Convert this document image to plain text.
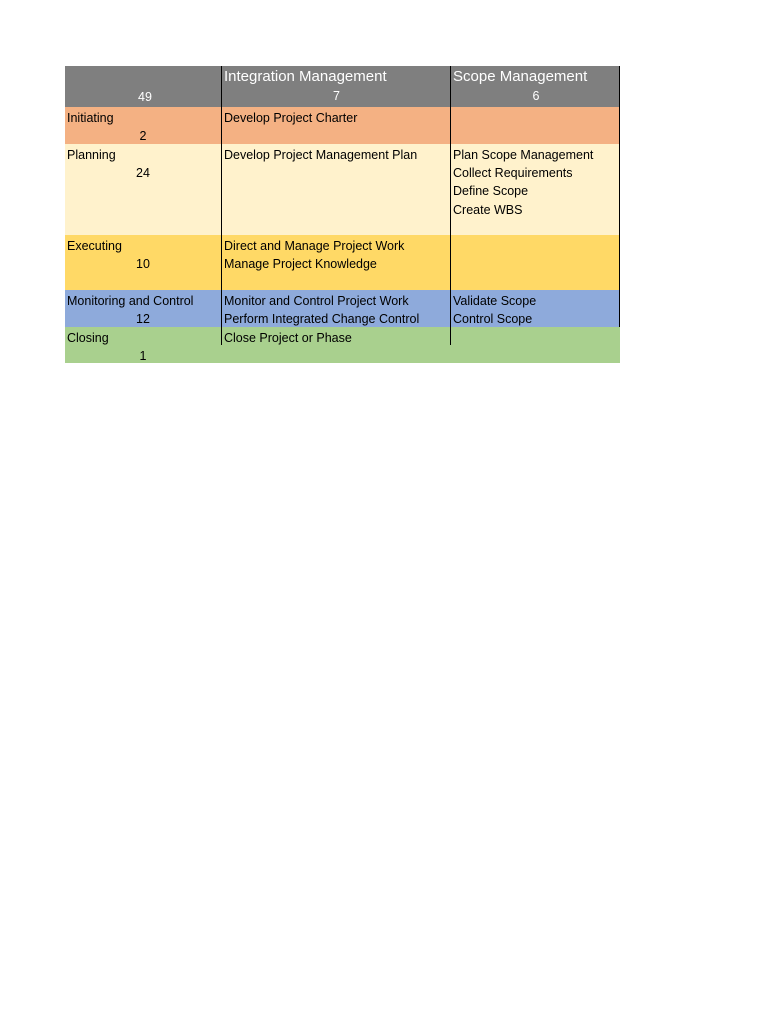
49
Integration Management
7
Scope Management
6
Initiating
2
Develop Project Charter
Planning
24
Develop Project Management Plan	Plan Scope Management
Collect Requirements
Define Scope
Create WBS
Executing
10
Direct and Manage Project Work
Manage Project Knowledge
Monitoring and Control
12
Monitor and Control Project Work
Perform Integrated Change Control
Validate Scope
Control Scope
Closing
1
Close Project or Phase
